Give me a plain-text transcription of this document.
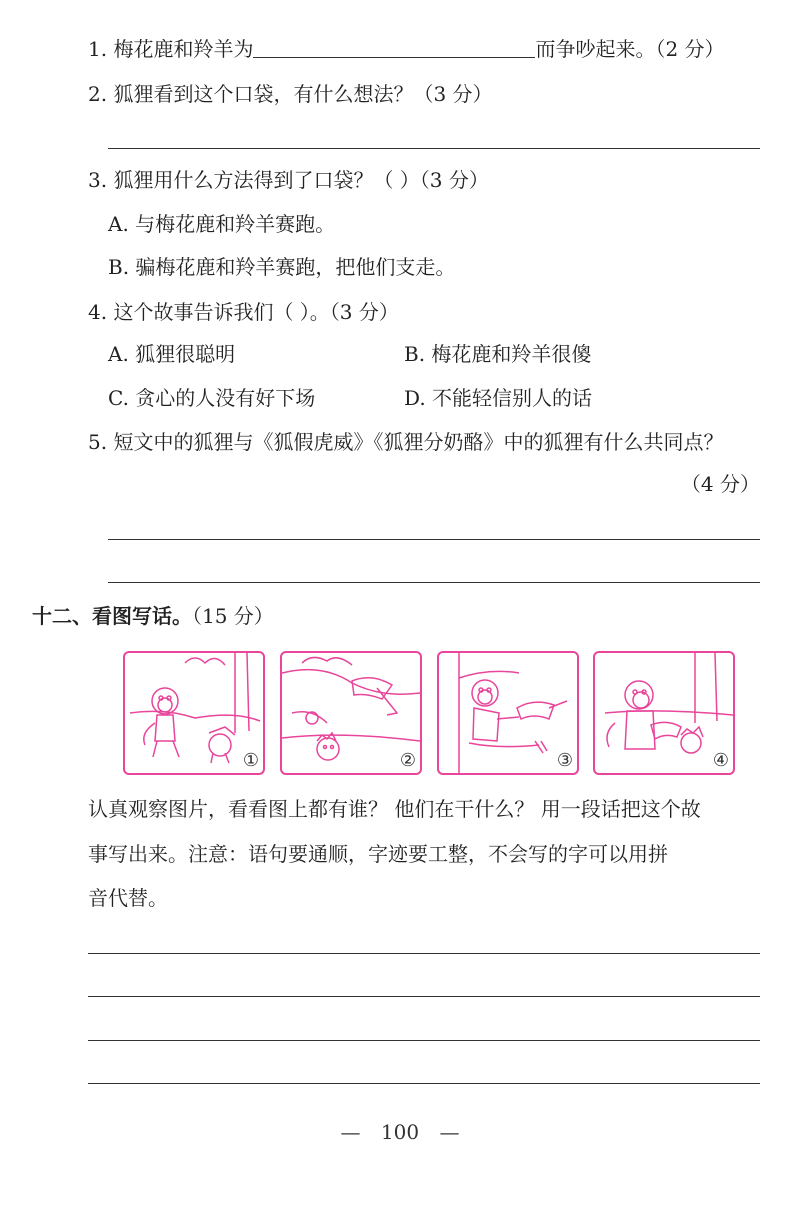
1. 梅花鹿和羚羊为	而争吵起来。（2 分）
2. 狐狸看到这个口袋，有什么想法？（3 分）
3. 狐狸用什么方法得到了口袋？（ ）（3 分）
A. 与梅花鹿和羚羊赛跑。
B. 骗梅花鹿和羚羊赛跑，把他们支走。
4. 这个故事告诉我们（ ）。（3 分）
A. 狐狸很聪明	B. 梅花鹿和羚羊很傻
C. 贪心的人没有好下场	D. 不能轻信别人的话
5. 短文中的狐狸与《狐假虎威》《狐狸分奶酪》中的狐狸有什么共同点？
（4 分）
十二、看图写话。（15 分）
①	②	③	④
认真观察图片，看看图上都有谁？ 他们在干什么？ 用一段话把这个故
事写出来。注意：语句要通顺，字迹要工整，不会写的字可以用拼
音代替。
— 100 —
